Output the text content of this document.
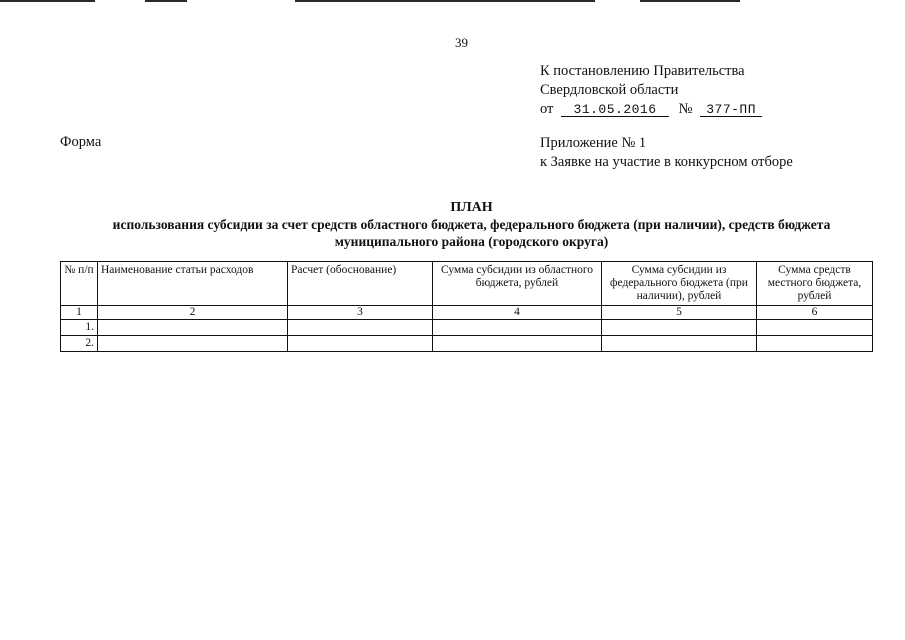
39
К постановлению Правительства
Свердловской области
от 31.05.2016 № 377-ПП
Форма	Приложение № 1
к Заявке на участие в конкурсном отборе
ПЛАН
использования субсидии за счет средств областного бюджета, федерального бюджета (при наличии), средств бюджета
муниципального района (городского округа)
№ п/п	Наименование статьи расходов	Расчет (обоснование)	Сумма субсидии из областного бюджета, рублей	Сумма субсидии из федерального бюджета (при наличии), рублей	Сумма средств местного бюджета, рублей
1	2	3	4	5	6
1.					
2.					
